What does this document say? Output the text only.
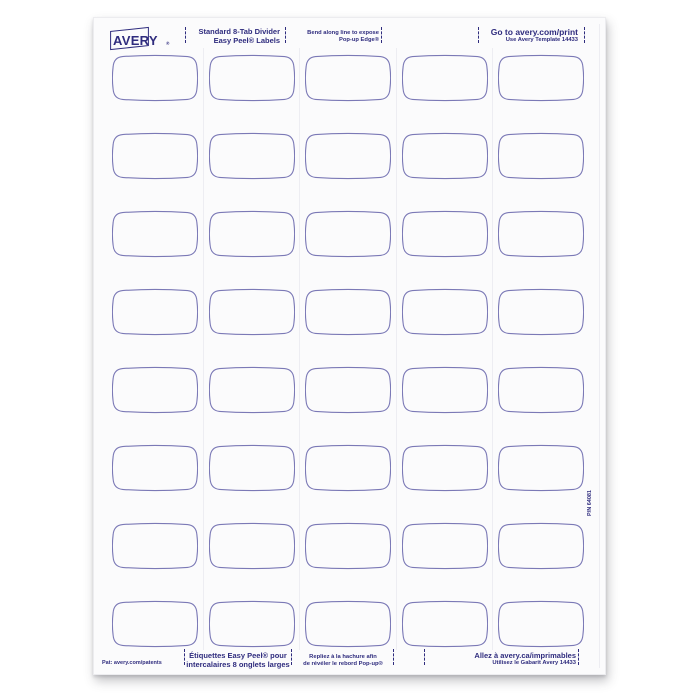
AVERY ®
Standard 8-Tab Divider
Easy Peel® Labels
Bend along line to expose
Pop-up Edge®
Go to avery.com/print
Use Avery Template 14433
Étiquettes Easy Peel® pour
intercalaires 8 onglets larges
Repliez à la hachure afin
de révéler le rebord Pop-up®
Allez à avery.ca/imprimables
Utilisez le Gabarit Avery 14433
Pat: avery.com/patents
P/N 64081
